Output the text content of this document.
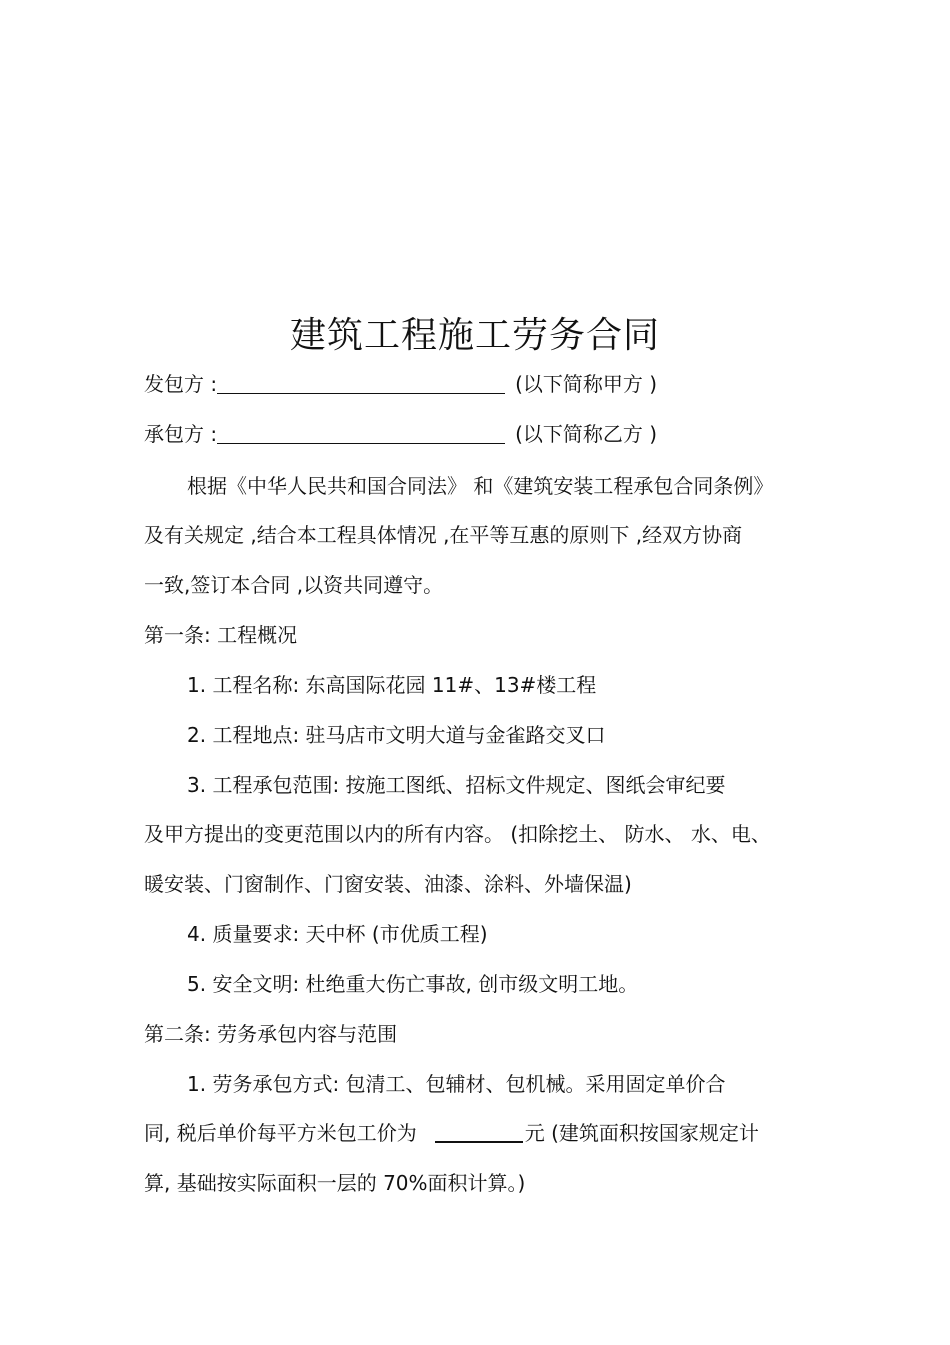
建筑工程施工劳务合同
发包方 :	(以下简称甲方 )
承包方 :	(以下简称乙方 )
根据《中华人民共和国合同法》 和《建筑安装工程承包合同条例》
及有关规定 ,结合本工程具体情况 ,在平等互惠的原则下 ,经双方协商
一致,签订本合同 ,以资共同遵守。
第一条: 工程概况
1. 工程名称: 东高国际花园 11#、13#楼工程
2. 工程地点: 驻马店市文明大道与金雀路交叉口
3. 工程承包范围: 按施工图纸、招标文件规定、图纸会审纪要
及甲方提出的变更范围以内的所有内容。 (扣除挖土、 防水、 水、电、
暖安装、门窗制作、门窗安装、油漆、涂料、外墙保温)
4. 质量要求: 天中杯 (市优质工程)
5. 安全文明: 杜绝重大伤亡事故, 创市级文明工地。
第二条: 劳务承包内容与范围
1. 劳务承包方式: 包清工、包辅材、包机械。采用固定单价合
同, 税后单价每平方米包工价为	元 (建筑面积按国家规定计
算, 基础按实际面积一层的 70%面积计算。)
